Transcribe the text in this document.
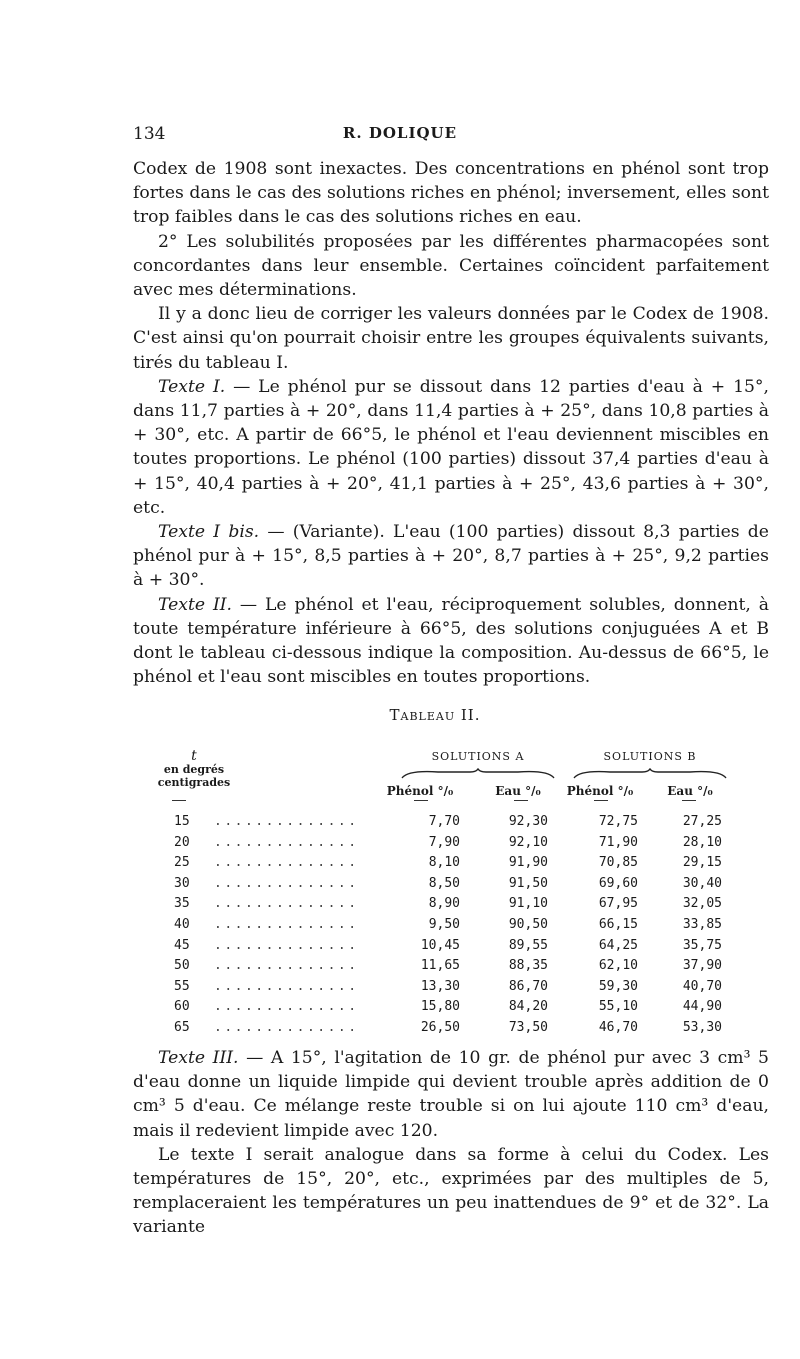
134	R. DOLIQUE

Codex de 1908 sont inexactes. Des concentrations en phénol sont trop fortes dans le cas des solutions riches en phénol; inversement, elles sont trop faibles dans le cas des solutions riches en eau.

2° Les solubilités proposées par les différentes pharmacopées sont concordantes dans leur ensemble. Certaines coïncident parfaitement avec mes déterminations.

Il y a donc lieu de corriger les valeurs données par le Codex de 1908. C'est ainsi qu'on pourrait choisir entre les groupes équivalents suivants, tirés du tableau I.

Texte I. — Le phénol pur se dissout dans 12 parties d'eau à + 15°, dans 11,7 parties à + 20°, dans 11,4 parties à + 25°, dans 10,8 parties à + 30°, etc. A partir de 66°5, le phénol et l'eau deviennent miscibles en toutes proportions. Le phénol (100 parties) dissout 37,4 parties d'eau à + 15°, 40,4 parties à + 20°, 41,1 parties à + 25°, 43,6 parties à + 30°, etc.

Texte I bis. — (Variante). L'eau (100 parties) dissout 8,3 parties de phénol pur à + 15°, 8,5 parties à + 20°, 8,7 parties à + 25°, 9,2 parties à + 30°.

Texte II. — Le phénol et l'eau, réciproquement solubles, donnent, à toute température inférieure à 66°5, des solutions conjuguées A et B dont le tableau ci-dessous indique la composition. Au-dessus de 66°5, le phénol et l'eau sont miscibles en toutes proportions.

Tableau II.
t
en degrés
centigrades
SOLUTIONS A	SOLUTIONS B
Phénol °/₀	Eau °/₀	Phénol °/₀	Eau °/₀
15 ..............	7,70	92,30	72,75	27,25
20 ..............	7,90	92,10	71,90	28,10
25 ..............	8,10	91,90	70,85	29,15
30 ..............	8,50	91,50	69,60	30,40
35 ..............	8,90	91,10	67,95	32,05
40 ..............	9,50	90,50	66,15	33,85
45 ..............	10,45	89,55	64,25	35,75
50 ..............	11,65	88,35	62,10	37,90
55 ..............	13,30	86,70	59,30	40,70
60 ..............	15,80	84,20	55,10	44,90
65 ..............	26,50	73,50	46,70	53,30

Texte III. — A 15°, l'agitation de 10 gr. de phénol pur avec 3 cm³ 5 d'eau donne un liquide limpide qui devient trouble après addition de 0 cm³ 5 d'eau. Ce mélange reste trouble si on lui ajoute 110 cm³ d'eau, mais il redevient limpide avec 120.

Le texte I serait analogue dans sa forme à celui du Codex. Les températures de 15°, 20°, etc., exprimées par des multiples de 5, remplaceraient les températures un peu inattendues de 9° et de 32°. La variante
